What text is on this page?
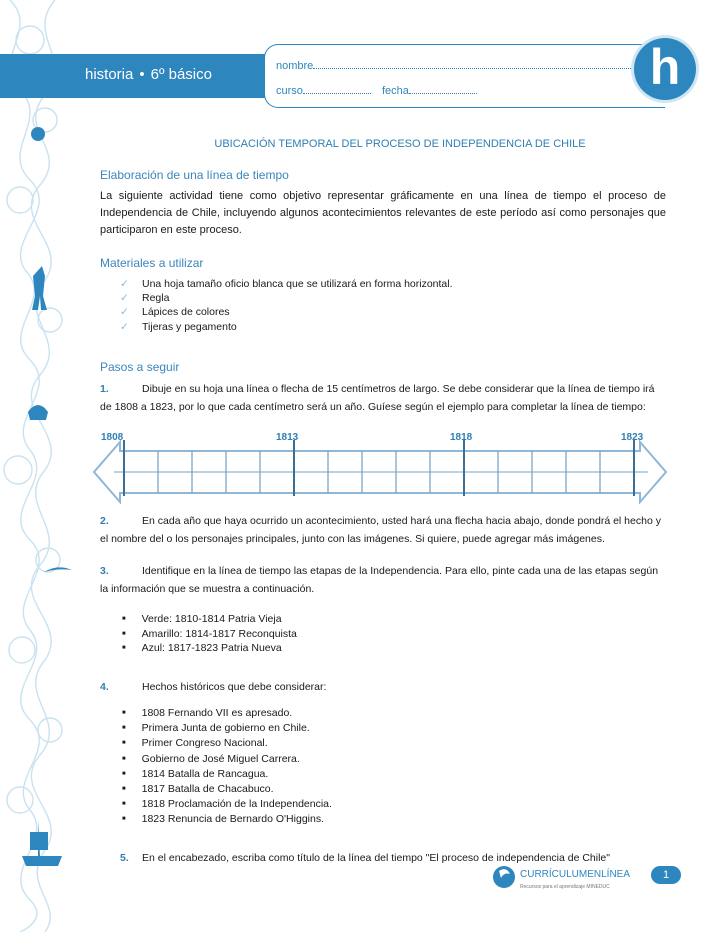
historia • 6º básico	nombre
curso	fecha	h
UBICACIÓN TEMPORAL DEL PROCESO DE INDEPENDENCIA DE CHILE
Elaboración de una línea de tiempo
La siguiente actividad tiene como objetivo representar gráficamente en una línea de tiempo el proceso de Independencia de Chile, incluyendo algunos acontecimientos relevantes de este período así como personajes que participaron en este proceso.
Materiales a utilizar
✓ Una hoja tamaño oficio blanca que se utilizará en forma horizontal.
✓ Regla
✓ Lápices de colores
✓ Tijeras y pegamento
Pasos a seguir
1.	Dibuje en su hoja una línea o flecha de 15 centímetros de largo. Se debe considerar que la línea de tiempo irá de 1808 a 1823, por lo que cada centímetro será un año. Guíese según el ejemplo para completar la línea de tiempo:
1808	1813	1818	1823
2.	En cada año que haya ocurrido un acontecimiento, usted hará una flecha hacia abajo, donde pondrá el hecho y el nombre del o los personajes principales, junto con las imágenes. Si quiere, puede agregar más imágenes.
3.	Identifique en la línea de tiempo las etapas de la Independencia. Para ello, pinte cada una de las etapas según la información que se muestra a continuación.
■ Verde: 1810-1814 Patria Vieja
■ Amarillo: 1814-1817 Reconquista
■ Azul: 1817-1823 Patria Nueva
4.	Hechos históricos que debe considerar:
■ 1808 Fernando VII es apresado.
■ Primera Junta de gobierno en Chile.
■ Primer Congreso Nacional.
■ Gobierno de José Miguel Carrera.
■ 1814 Batalla de Rancagua.
■ 1817 Batalla de Chacabuco.
■ 1818 Proclamación de la Independencia.
■ 1823 Renuncia de Bernardo O'Higgins.
5. En el encabezado, escriba como título de la línea del tiempo "El proceso de independencia de Chile"
CURRÍCULUMENLÍNEA
Recursos para el aprendizaje MINEDUC
1
